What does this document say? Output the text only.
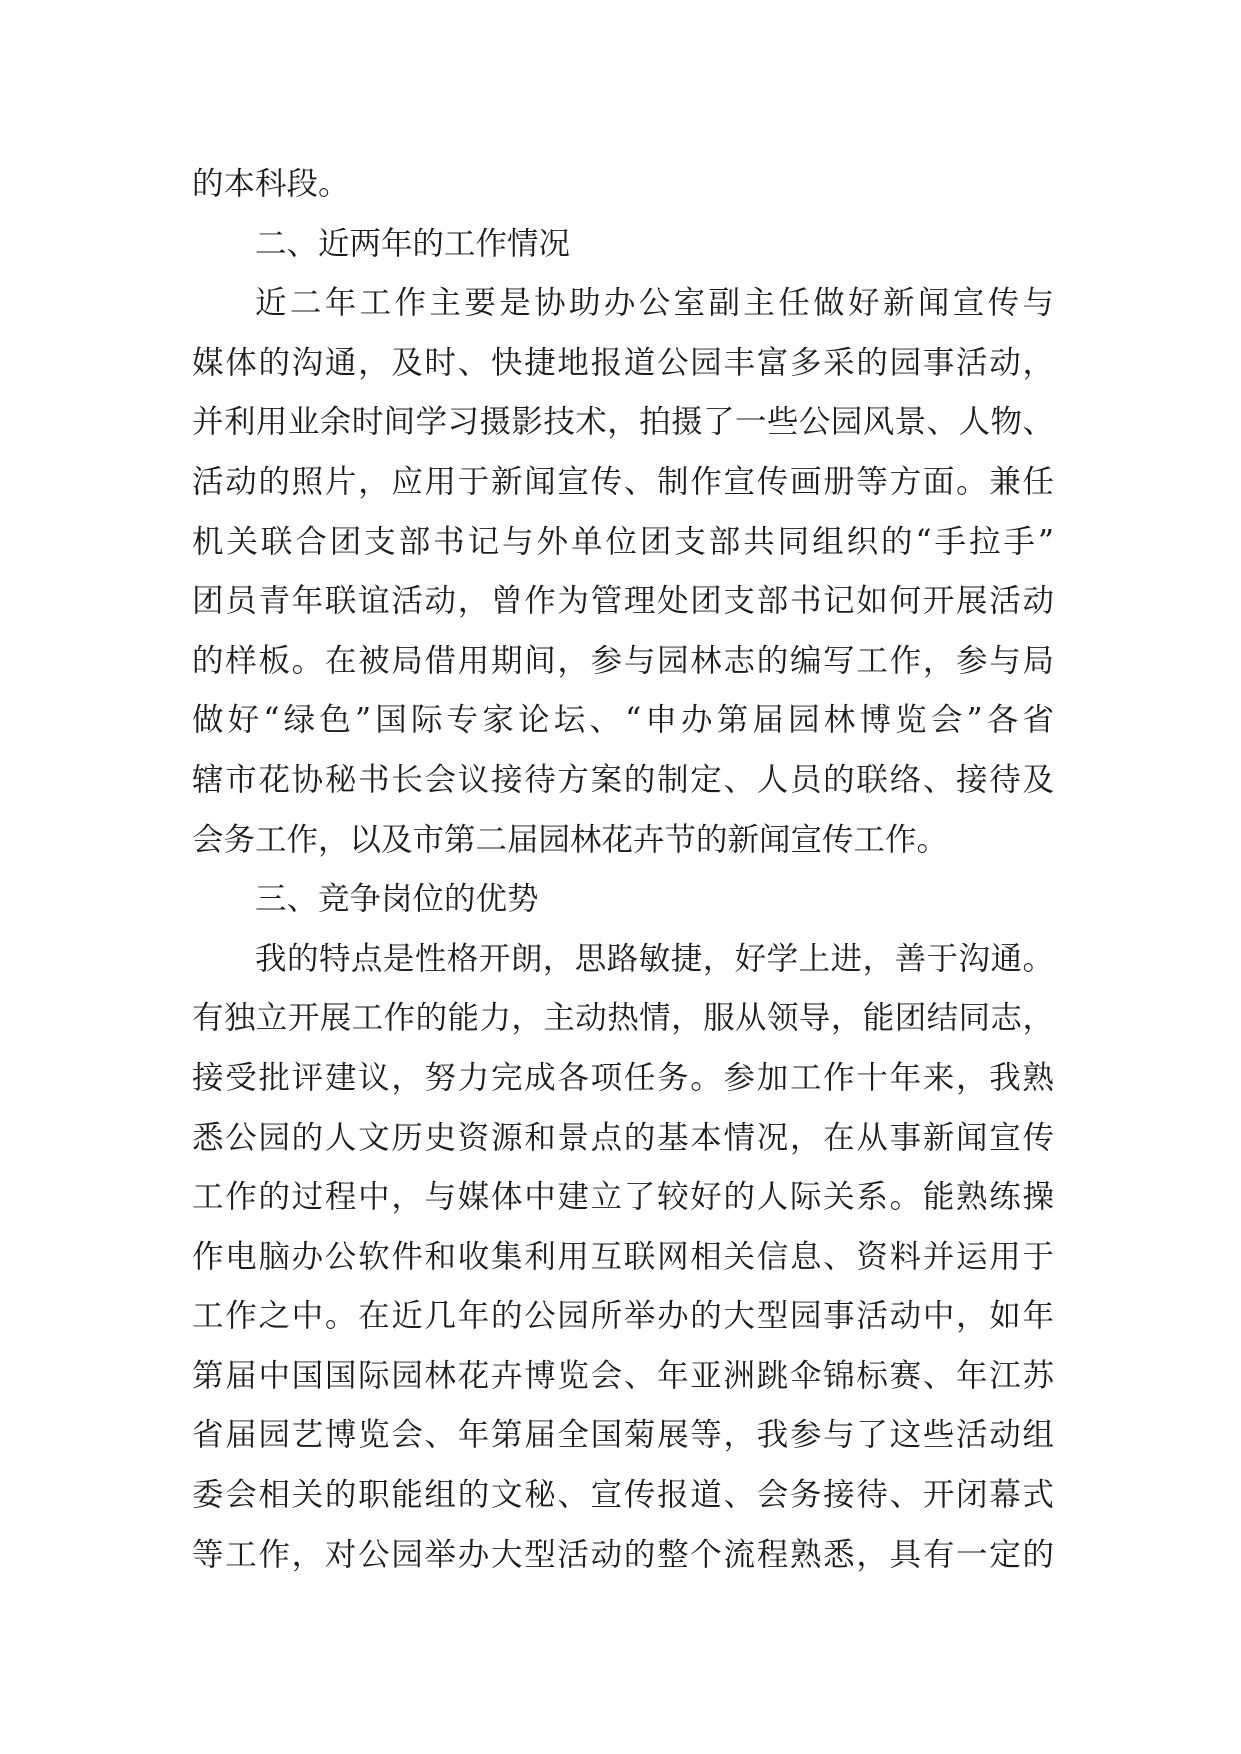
的本科段。
二、近两年的工作情况
近二年工作主要是协助办公室副主任做好新闻宣传与
媒体的沟通，及时、快捷地报道公园丰富多采的园事活动，
并利用业余时间学习摄影技术，拍摄了一些公园风景、人物、
活动的照片，应用于新闻宣传、制作宣传画册等方面。兼任
机关联合团支部书记与外单位团支部共同组织的“手拉手”
团员青年联谊活动，曾作为管理处团支部书记如何开展活动
的样板。在被局借用期间，参与园林志的编写工作，参与局
做好“绿色”国际专家论坛、“申办第届园林博览会”各省
辖市花协秘书长会议接待方案的制定、人员的联络、接待及
会务工作，以及市第二届园林花卉节的新闻宣传工作。
三、竞争岗位的优势
我的特点是性格开朗，思路敏捷，好学上进，善于沟通。
有独立开展工作的能力，主动热情，服从领导，能团结同志，
接受批评建议，努力完成各项任务。参加工作十年来，我熟
悉公园的人文历史资源和景点的基本情况，在从事新闻宣传
工作的过程中，与媒体中建立了较好的人际关系。能熟练操
作电脑办公软件和收集利用互联网相关信息、资料并运用于
工作之中。在近几年的公园所举办的大型园事活动中，如年
第届中国国际园林花卉博览会、年亚洲跳伞锦标赛、年江苏
省届园艺博览会、年第届全国菊展等，我参与了这些活动组
委会相关的职能组的文秘、宣传报道、会务接待、开闭幕式
等工作，对公园举办大型活动的整个流程熟悉，具有一定的
